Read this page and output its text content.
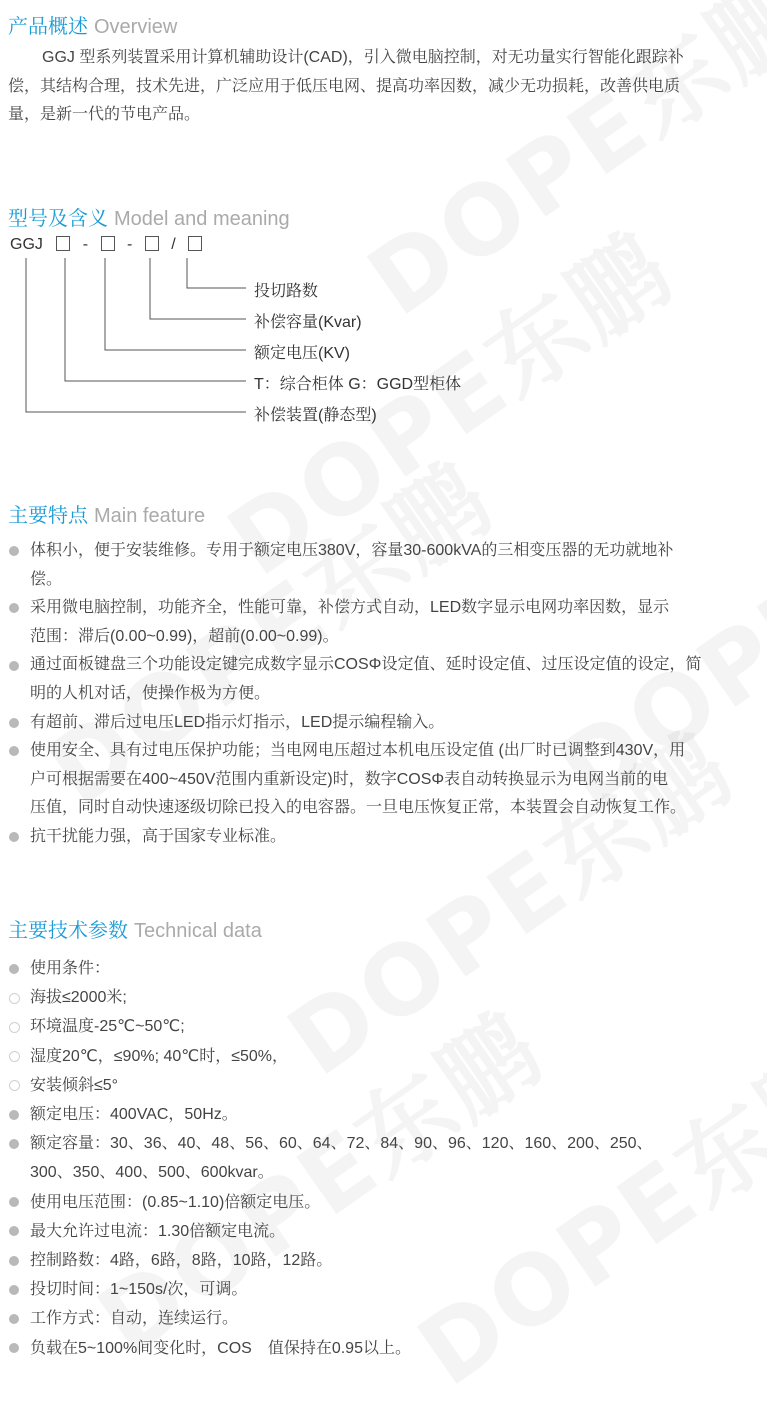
产品概述 Overview
GGJ 型系列装置采用计算机辅助设计(CAD)，引入微电脑控制，对无功量实行智能化跟踪补
偿，其结构合理，技术先进，广泛应用于低压电网、提高功率因数，减少无功损耗，改善供电质
量，是新一代的节电产品。
型号及含义 Model and meaning
GGJ - - /
投切路数
补偿容量(Kvar)
额定电压(KV)
T：综合柜体 G：GGD型柜体
补偿装置(静态型)
主要特点 Main feature
体积小，便于安装维修。专用于额定电压380V，容量30-600kVA的三相变压器的无功就地补
偿。
采用微电脑控制，功能齐全，性能可靠，补偿方式自动，LED数字显示电网功率因数，显示
范围：滞后(0.00~0.99)，超前(0.00~0.99)。
通过面板键盘三个功能设定键完成数字显示COSΦ设定值、延时设定值、过压设定值的设定，简
明的人机对话，使操作极为方便。
有超前、滞后过电压LED指示灯指示，LED提示编程输入。
使用安全、具有过电压保护功能；当电网电压超过本机电压设定值 (出厂时已调整到430V，用
户可根据需要在400~450V范围内重新设定)时，数字COSΦ表自动转换显示为电网当前的电
压值，同时自动快速逐级切除已投入的电容器。一旦电压恢复正常，本装置会自动恢复工作。
抗干扰能力强，高于国家专业标准。
主要技术参数 Technical data
使用条件：
海拔≤2000米;
环境温度-25℃~50℃;
湿度20℃，≤90%; 40℃时，≤50%，
安装倾斜≤5°
额定电压：400VAC，50Hz。
额定容量：30、36、40、48、56、60、64、72、84、90、96、120、160、200、250、
300、350、400、500、600kvar。
使用电压范围：(0.85~1.10)倍额定电压。
最大允许过电流：1.30倍额定电流。
控制路数：4路，6路，8路，10路，12路。
投切时间：1~150s/次，可调。
工作方式：自动，连续运行。
负载在5~100%间变化时，COS　值保持在0.95以上。
